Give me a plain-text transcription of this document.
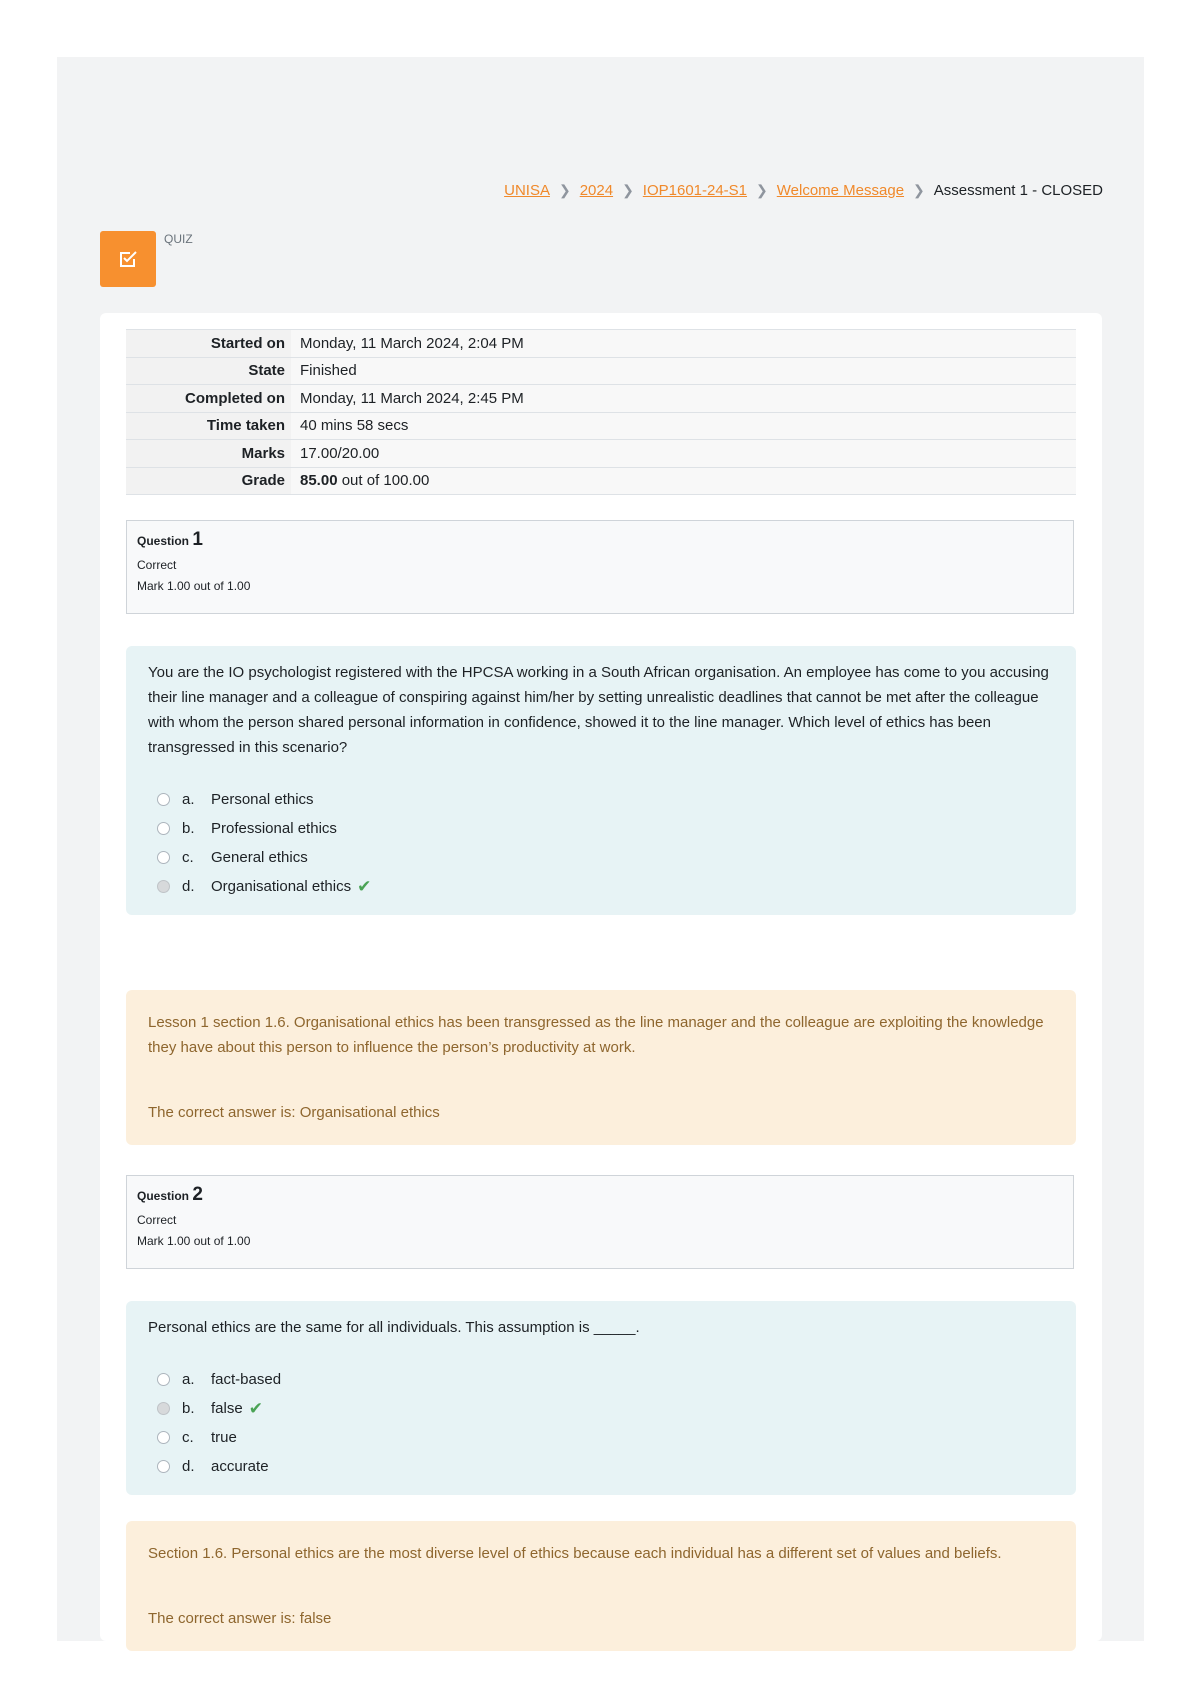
UNISA ❯ 2024 ❯ IOP1601-24-S1 ❯ Welcome Message ❯ Assessment 1 - CLOSED
QUIZ
Started on	Monday, 11 March 2024, 2:04 PM
State	Finished
Completed on	Monday, 11 March 2024, 2:45 PM
Time taken	40 mins 58 secs
Marks	17.00/20.00
Grade	85.00 out of 100.00
Question 1
Correct
Mark 1.00 out of 1.00

You are the IO psychologist registered with the HPCSA working in a South African organisation. An employee has come to you accusing their line manager and a colleague of conspiring against him/her by setting unrealistic deadlines that cannot be met after the colleague with whom the person shared personal information in confidence, showed it to the line manager. Which level of ethics has been transgressed in this scenario?

a.	Personal ethics
b.	Professional ethics
c.	General ethics
d.	Organisational ethics ✔

Lesson 1 section 1.6. Organisational ethics has been transgressed as the line manager and the colleague are exploiting the knowledge they have about this person to influence the person’s productivity at work.

The correct answer is: Organisational ethics

Question 2
Correct
Mark 1.00 out of 1.00

Personal ethics are the same for all individuals. This assumption is _____.

a.	fact-based
b.	false ✔
c.	true
d.	accurate

Section 1.6. Personal ethics are the most diverse level of ethics because each individual has a different set of values and beliefs.

The correct answer is: false
